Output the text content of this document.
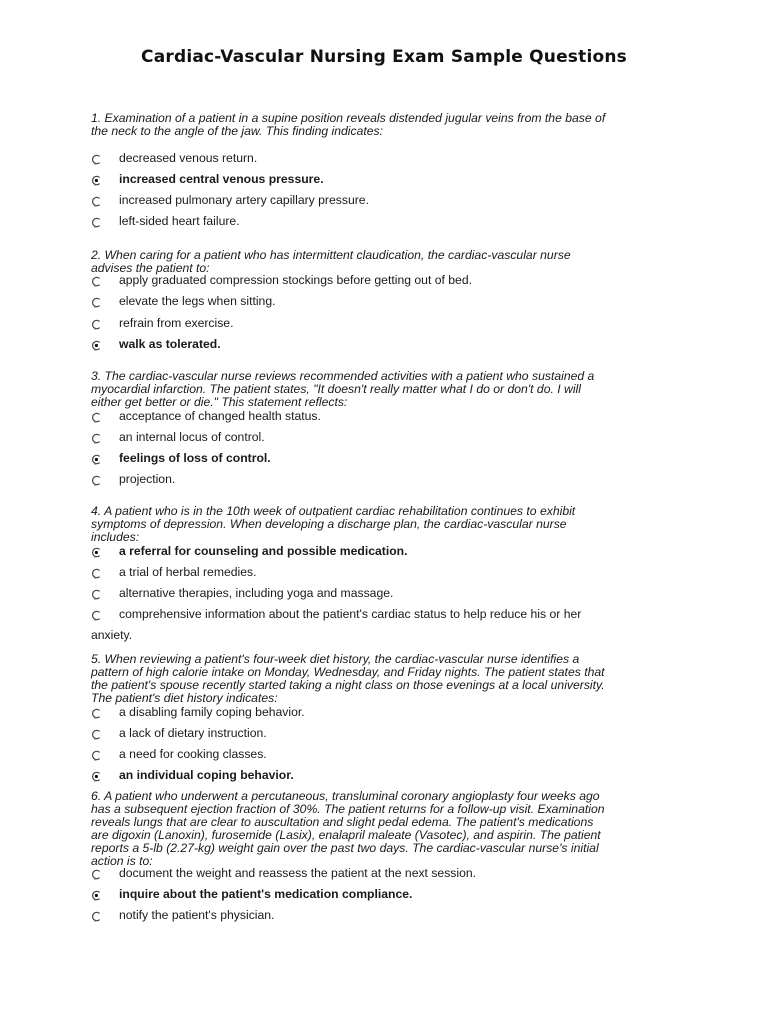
Cardiac-Vascular Nursing Exam Sample Questions
1. Examination of a patient in a supine position reveals distended jugular veins from the base of
the neck to the angle of the jaw. This finding indicates:
decreased venous return.
increased central venous pressure.
increased pulmonary artery capillary pressure.
left-sided heart failure.
2. When caring for a patient who has intermittent claudication, the cardiac-vascular nurse
advises the patient to:
apply graduated compression stockings before getting out of bed.
elevate the legs when sitting.
refrain from exercise.
walk as tolerated.
3. The cardiac-vascular nurse reviews recommended activities with a patient who sustained a
myocardial infarction. The patient states, "It doesn't really matter what I do or don't do. I will
either get better or die." This statement reflects:
acceptance of changed health status.
an internal locus of control.
feelings of loss of control.
projection.
4. A patient who is in the 10th week of outpatient cardiac rehabilitation continues to exhibit
symptoms of depression. When developing a discharge plan, the cardiac-vascular nurse
includes:
a referral for counseling and possible medication.
a trial of herbal remedies.
alternative therapies, including yoga and massage.
comprehensive information about the patient's cardiac status to help reduce his or her
anxiety.
5. When reviewing a patient's four-week diet history, the cardiac-vascular nurse identifies a
pattern of high calorie intake on Monday, Wednesday, and Friday nights. The patient states that
the patient's spouse recently started taking a night class on those evenings at a local university.
The patient's diet history indicates:
a disabling family coping behavior.
a lack of dietary instruction.
a need for cooking classes.
an individual coping behavior.
6. A patient who underwent a percutaneous, transluminal coronary angioplasty four weeks ago
has a subsequent ejection fraction of 30%. The patient returns for a follow-up visit. Examination
reveals lungs that are clear to auscultation and slight pedal edema. The patient's medications
are digoxin (Lanoxin), furosemide (Lasix), enalapril maleate (Vasotec), and aspirin. The patient
reports a 5-lb (2.27-kg) weight gain over the past two days. The cardiac-vascular nurse's initial
action is to:
document the weight and reassess the patient at the next session.
inquire about the patient's medication compliance.
notify the patient's physician.
